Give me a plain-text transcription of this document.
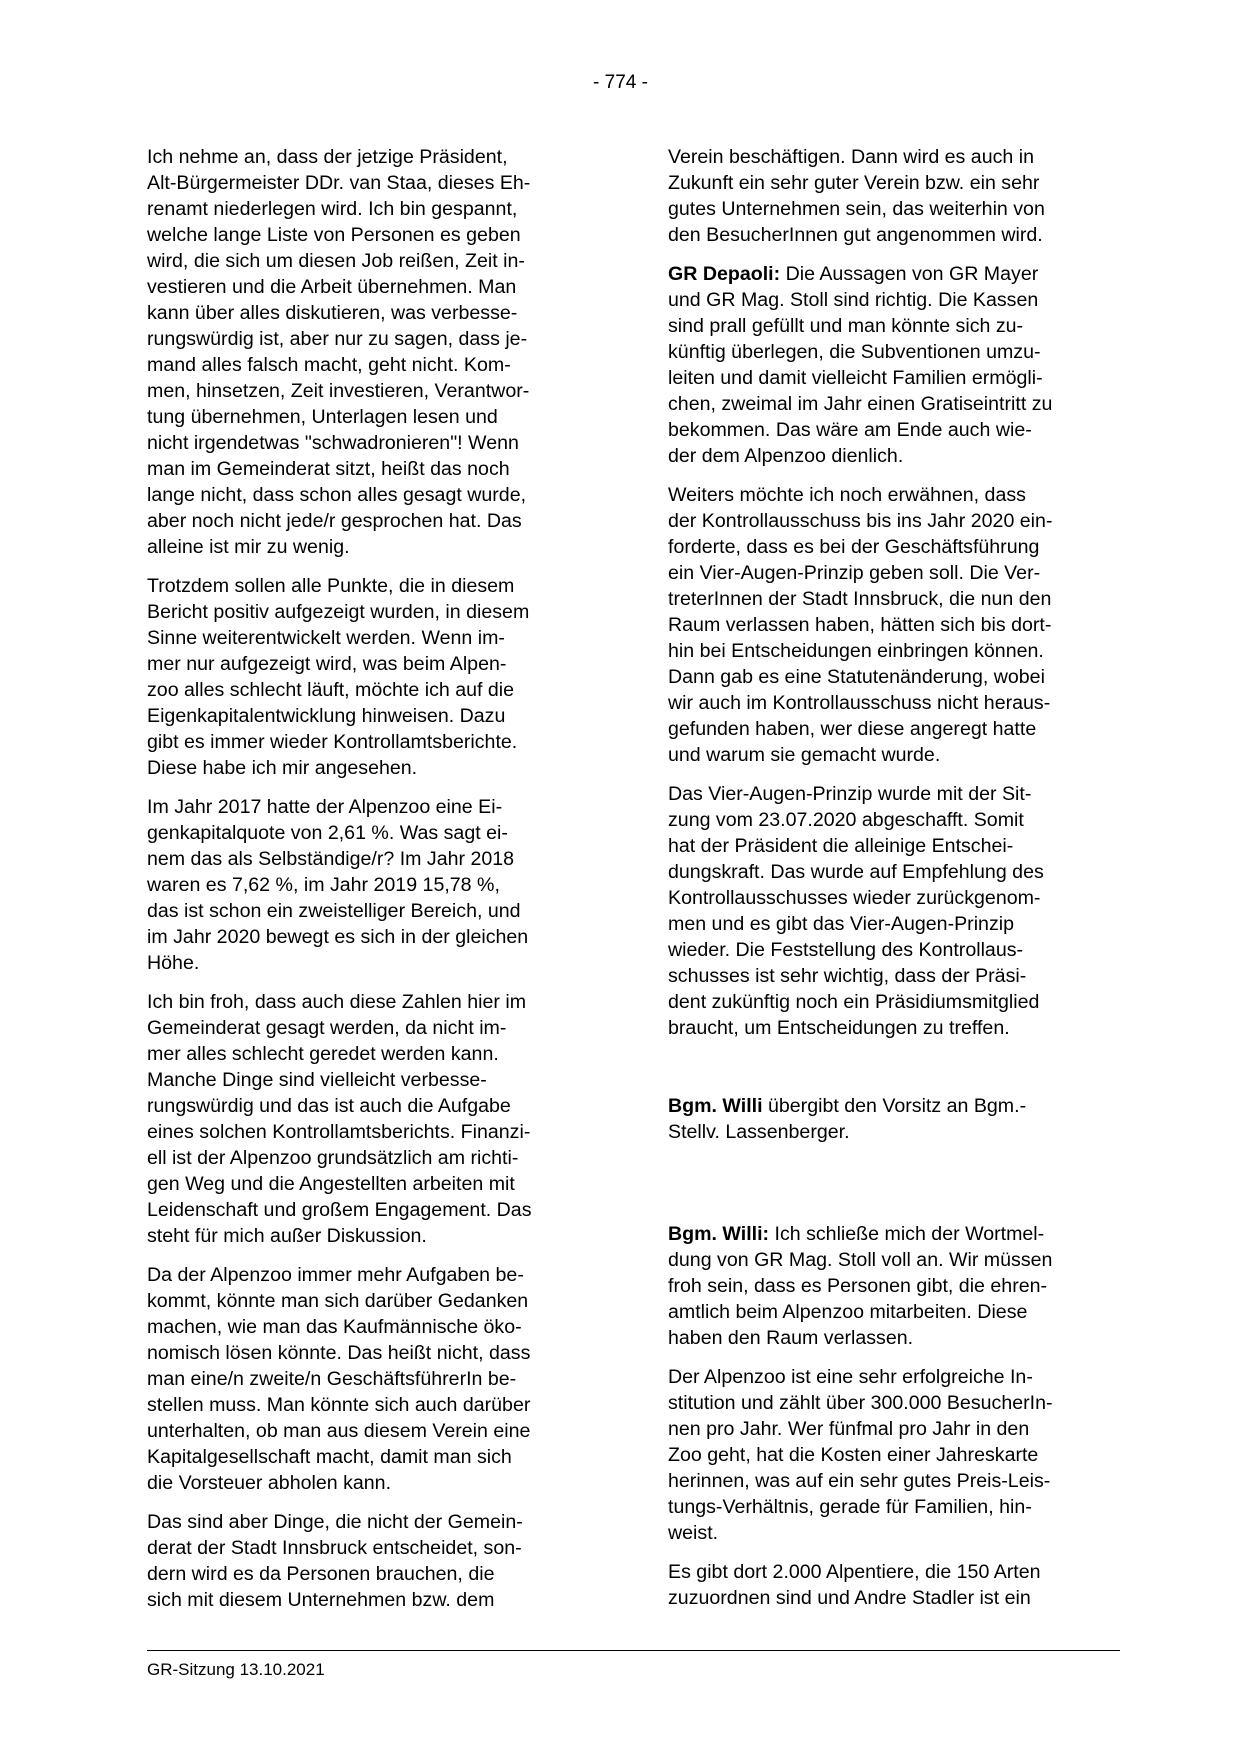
- 774 -

Ich nehme an, dass der jetzige Präsident,
Alt-Bürgermeister DDr. van Staa, dieses Eh-
renamt niederlegen wird. Ich bin gespannt,
welche lange Liste von Personen es geben
wird, die sich um diesen Job reißen, Zeit in-
vestieren und die Arbeit übernehmen. Man
kann über alles diskutieren, was verbesse-
rungswürdig ist, aber nur zu sagen, dass je-
mand alles falsch macht, geht nicht. Kom-
men, hinsetzen, Zeit investieren, Verantwor-
tung übernehmen, Unterlagen lesen und
nicht irgendetwas "schwadronieren"! Wenn
man im Gemeinderat sitzt, heißt das noch
lange nicht, dass schon alles gesagt wurde,
aber noch nicht jede/r gesprochen hat. Das
alleine ist mir zu wenig.

Trotzdem sollen alle Punkte, die in diesem
Bericht positiv aufgezeigt wurden, in diesem
Sinne weiterentwickelt werden. Wenn im-
mer nur aufgezeigt wird, was beim Alpen-
zoo alles schlecht läuft, möchte ich auf die
Eigenkapitalentwicklung hinweisen. Dazu
gibt es immer wieder Kontrollamtsberichte.
Diese habe ich mir angesehen.

Im Jahr 2017 hatte der Alpenzoo eine Ei-
genkapitalquote von 2,61 %. Was sagt ei-
nem das als Selbständige/r? Im Jahr 2018
waren es 7,62 %, im Jahr 2019 15,78 %,
das ist schon ein zweistelliger Bereich, und
im Jahr 2020 bewegt es sich in der gleichen
Höhe.

Ich bin froh, dass auch diese Zahlen hier im
Gemeinderat gesagt werden, da nicht im-
mer alles schlecht geredet werden kann.
Manche Dinge sind vielleicht verbesse-
rungswürdig und das ist auch die Aufgabe
eines solchen Kontrollamtsberichts. Finanzi-
ell ist der Alpenzoo grundsätzlich am richti-
gen Weg und die Angestellten arbeiten mit
Leidenschaft und großem Engagement. Das
steht für mich außer Diskussion.

Da der Alpenzoo immer mehr Aufgaben be-
kommt, könnte man sich darüber Gedanken
machen, wie man das Kaufmännische öko-
nomisch lösen könnte. Das heißt nicht, dass
man eine/n zweite/n GeschäftsführerIn be-
stellen muss. Man könnte sich auch darüber
unterhalten, ob man aus diesem Verein eine
Kapitalgesellschaft macht, damit man sich
die Vorsteuer abholen kann.

Das sind aber Dinge, die nicht der Gemein-
derat der Stadt Innsbruck entscheidet, son-
dern wird es da Personen brauchen, die
sich mit diesem Unternehmen bzw. dem

Verein beschäftigen. Dann wird es auch in
Zukunft ein sehr guter Verein bzw. ein sehr
gutes Unternehmen sein, das weiterhin von
den BesucherInnen gut angenommen wird.

GR Depaoli: Die Aussagen von GR Mayer
und GR Mag. Stoll sind richtig. Die Kassen
sind prall gefüllt und man könnte sich zu-
künftig überlegen, die Subventionen umzu-
leiten und damit vielleicht Familien ermögli-
chen, zweimal im Jahr einen Gratiseintritt zu
bekommen. Das wäre am Ende auch wie-
der dem Alpenzoo dienlich.

Weiters möchte ich noch erwähnen, dass
der Kontrollausschuss bis ins Jahr 2020 ein-
forderte, dass es bei der Geschäftsführung
ein Vier-Augen-Prinzip geben soll. Die Ver-
treterInnen der Stadt Innsbruck, die nun den
Raum verlassen haben, hätten sich bis dort-
hin bei Entscheidungen einbringen können.
Dann gab es eine Statutenänderung, wobei
wir auch im Kontrollausschuss nicht heraus-
gefunden haben, wer diese angeregt hatte
und warum sie gemacht wurde.

Das Vier-Augen-Prinzip wurde mit der Sit-
zung vom 23.07.2020 abgeschafft. Somit
hat der Präsident die alleinige Entschei-
dungskraft. Das wurde auf Empfehlung des
Kontrollausschusses wieder zurückgenom-
men und es gibt das Vier-Augen-Prinzip
wieder. Die Feststellung des Kontrollaus-
schusses ist sehr wichtig, dass der Präsi-
dent zukünftig noch ein Präsidiumsmitglied
braucht, um Entscheidungen zu treffen.

Bgm. Willi übergibt den Vorsitz an Bgm.-
Stellv. Lassenberger.

Bgm. Willi: Ich schließe mich der Wortmel-
dung von GR Mag. Stoll voll an. Wir müssen
froh sein, dass es Personen gibt, die ehren-
amtlich beim Alpenzoo mitarbeiten. Diese
haben den Raum verlassen.

Der Alpenzoo ist eine sehr erfolgreiche In-
stitution und zählt über 300.000 BesucherIn-
nen pro Jahr. Wer fünfmal pro Jahr in den
Zoo geht, hat die Kosten einer Jahreskarte
herinnen, was auf ein sehr gutes Preis-Leis-
tungs-Verhältnis, gerade für Familien, hin-
weist.

Es gibt dort 2.000 Alpentiere, die 150 Arten
zuzuordnen sind und Andre Stadler ist ein

GR-Sitzung 13.10.2021
